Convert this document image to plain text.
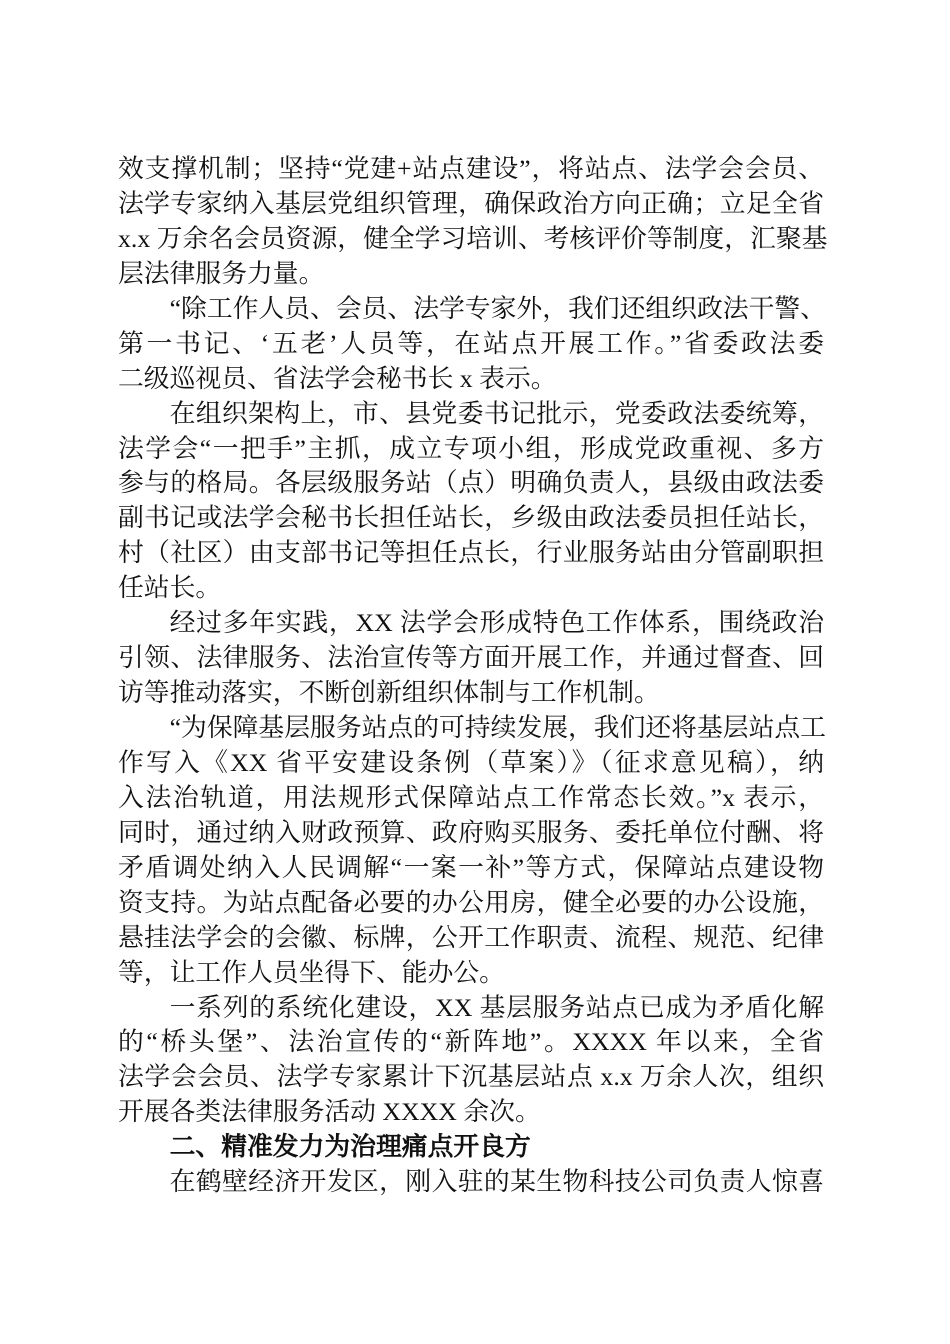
效支撑机制；坚持“党建+站点建设”，将站点、法学会会员、
法学专家纳入基层党组织管理，确保政治方向正确；立足全省
x.x 万余名会员资源，健全学习培训、考核评价等制度，汇聚基
层法律服务力量。
“除工作人员、会员、法学专家外，我们还组织政法干警、
第一书记、‘五老’人员等，在站点开展工作。”省委政法委
二级巡视员、省法学会秘书长 x 表示。
在组织架构上，市、县党委书记批示，党委政法委统筹，
法学会“一把手”主抓，成立专项小组，形成党政重视、多方
参与的格局。各层级服务站（点）明确负责人，县级由政法委
副书记或法学会秘书长担任站长，乡级由政法委员担任站长，
村（社区）由支部书记等担任点长，行业服务站由分管副职担
任站长。
经过多年实践，XX 法学会形成特色工作体系，围绕政治
引领、法律服务、法治宣传等方面开展工作，并通过督查、回
访等推动落实，不断创新组织体制与工作机制。
“为保障基层服务站点的可持续发展，我们还将基层站点工
作写入《XX 省平安建设条例（草案）》（征求意见稿），纳
入法治轨道，用法规形式保障站点工作常态长效。”x 表示，
同时，通过纳入财政预算、政府购买服务、委托单位付酬、将
矛盾调处纳入人民调解“一案一补”等方式，保障站点建设物
资支持。为站点配备必要的办公用房，健全必要的办公设施，
悬挂法学会的会徽、标牌，公开工作职责、流程、规范、纪律
等，让工作人员坐得下、能办公。
一系列的系统化建设，XX 基层服务站点已成为矛盾化解
的“桥头堡”、法治宣传的“新阵地”。XXXX 年以来，全省
法学会会员、法学专家累计下沉基层站点 x.x 万余人次，组织
开展各类法律服务活动 XXXX 余次。
二、精准发力为治理痛点开良方
在鹤壁经济开发区，刚入驻的某生物科技公司负责人惊喜
